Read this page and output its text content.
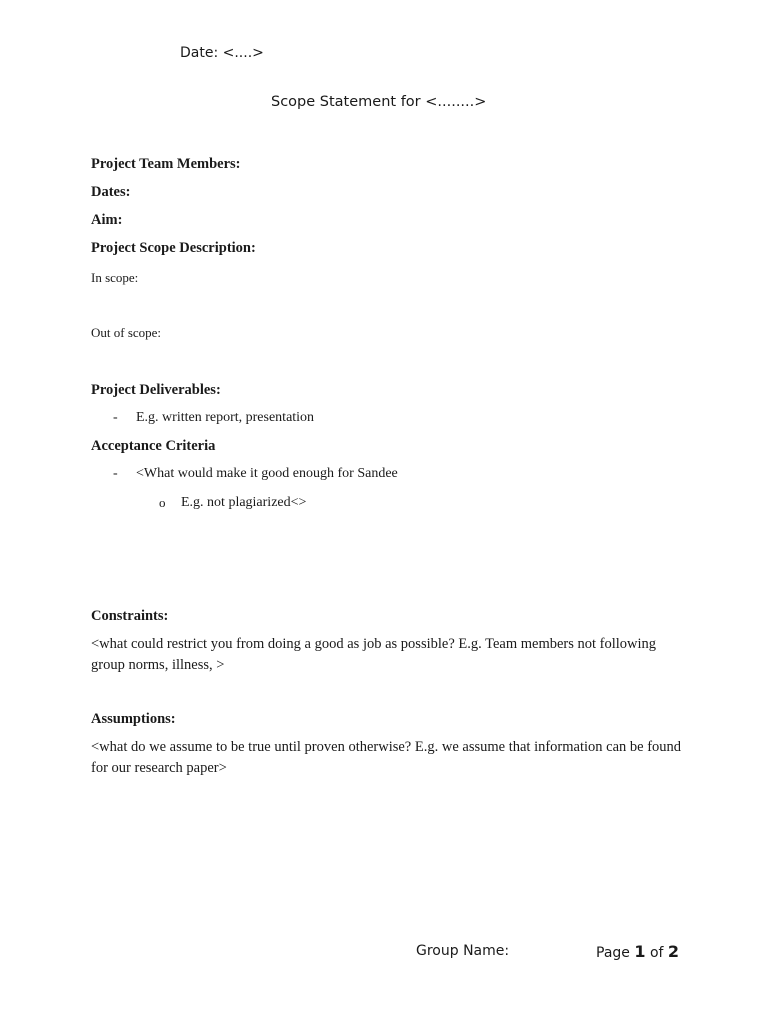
Date: <....>
Scope Statement for <........>
Project Team Members:
Dates:
Aim:
Project Scope Description:
In scope:
Out of scope:
Project Deliverables:
- E.g. written report, presentation
Acceptance Criteria
- <What would make it good enough for Sandee
o E.g. not plagiarized<>
Constraints:
<what could restrict you from doing a good as job as possible? E.g. Team members not following group norms, illness, >
Assumptions:
<what do we assume to be true until proven otherwise? E.g. we assume that information can be found for our research paper>
Group Name:	Page 1 of 2
